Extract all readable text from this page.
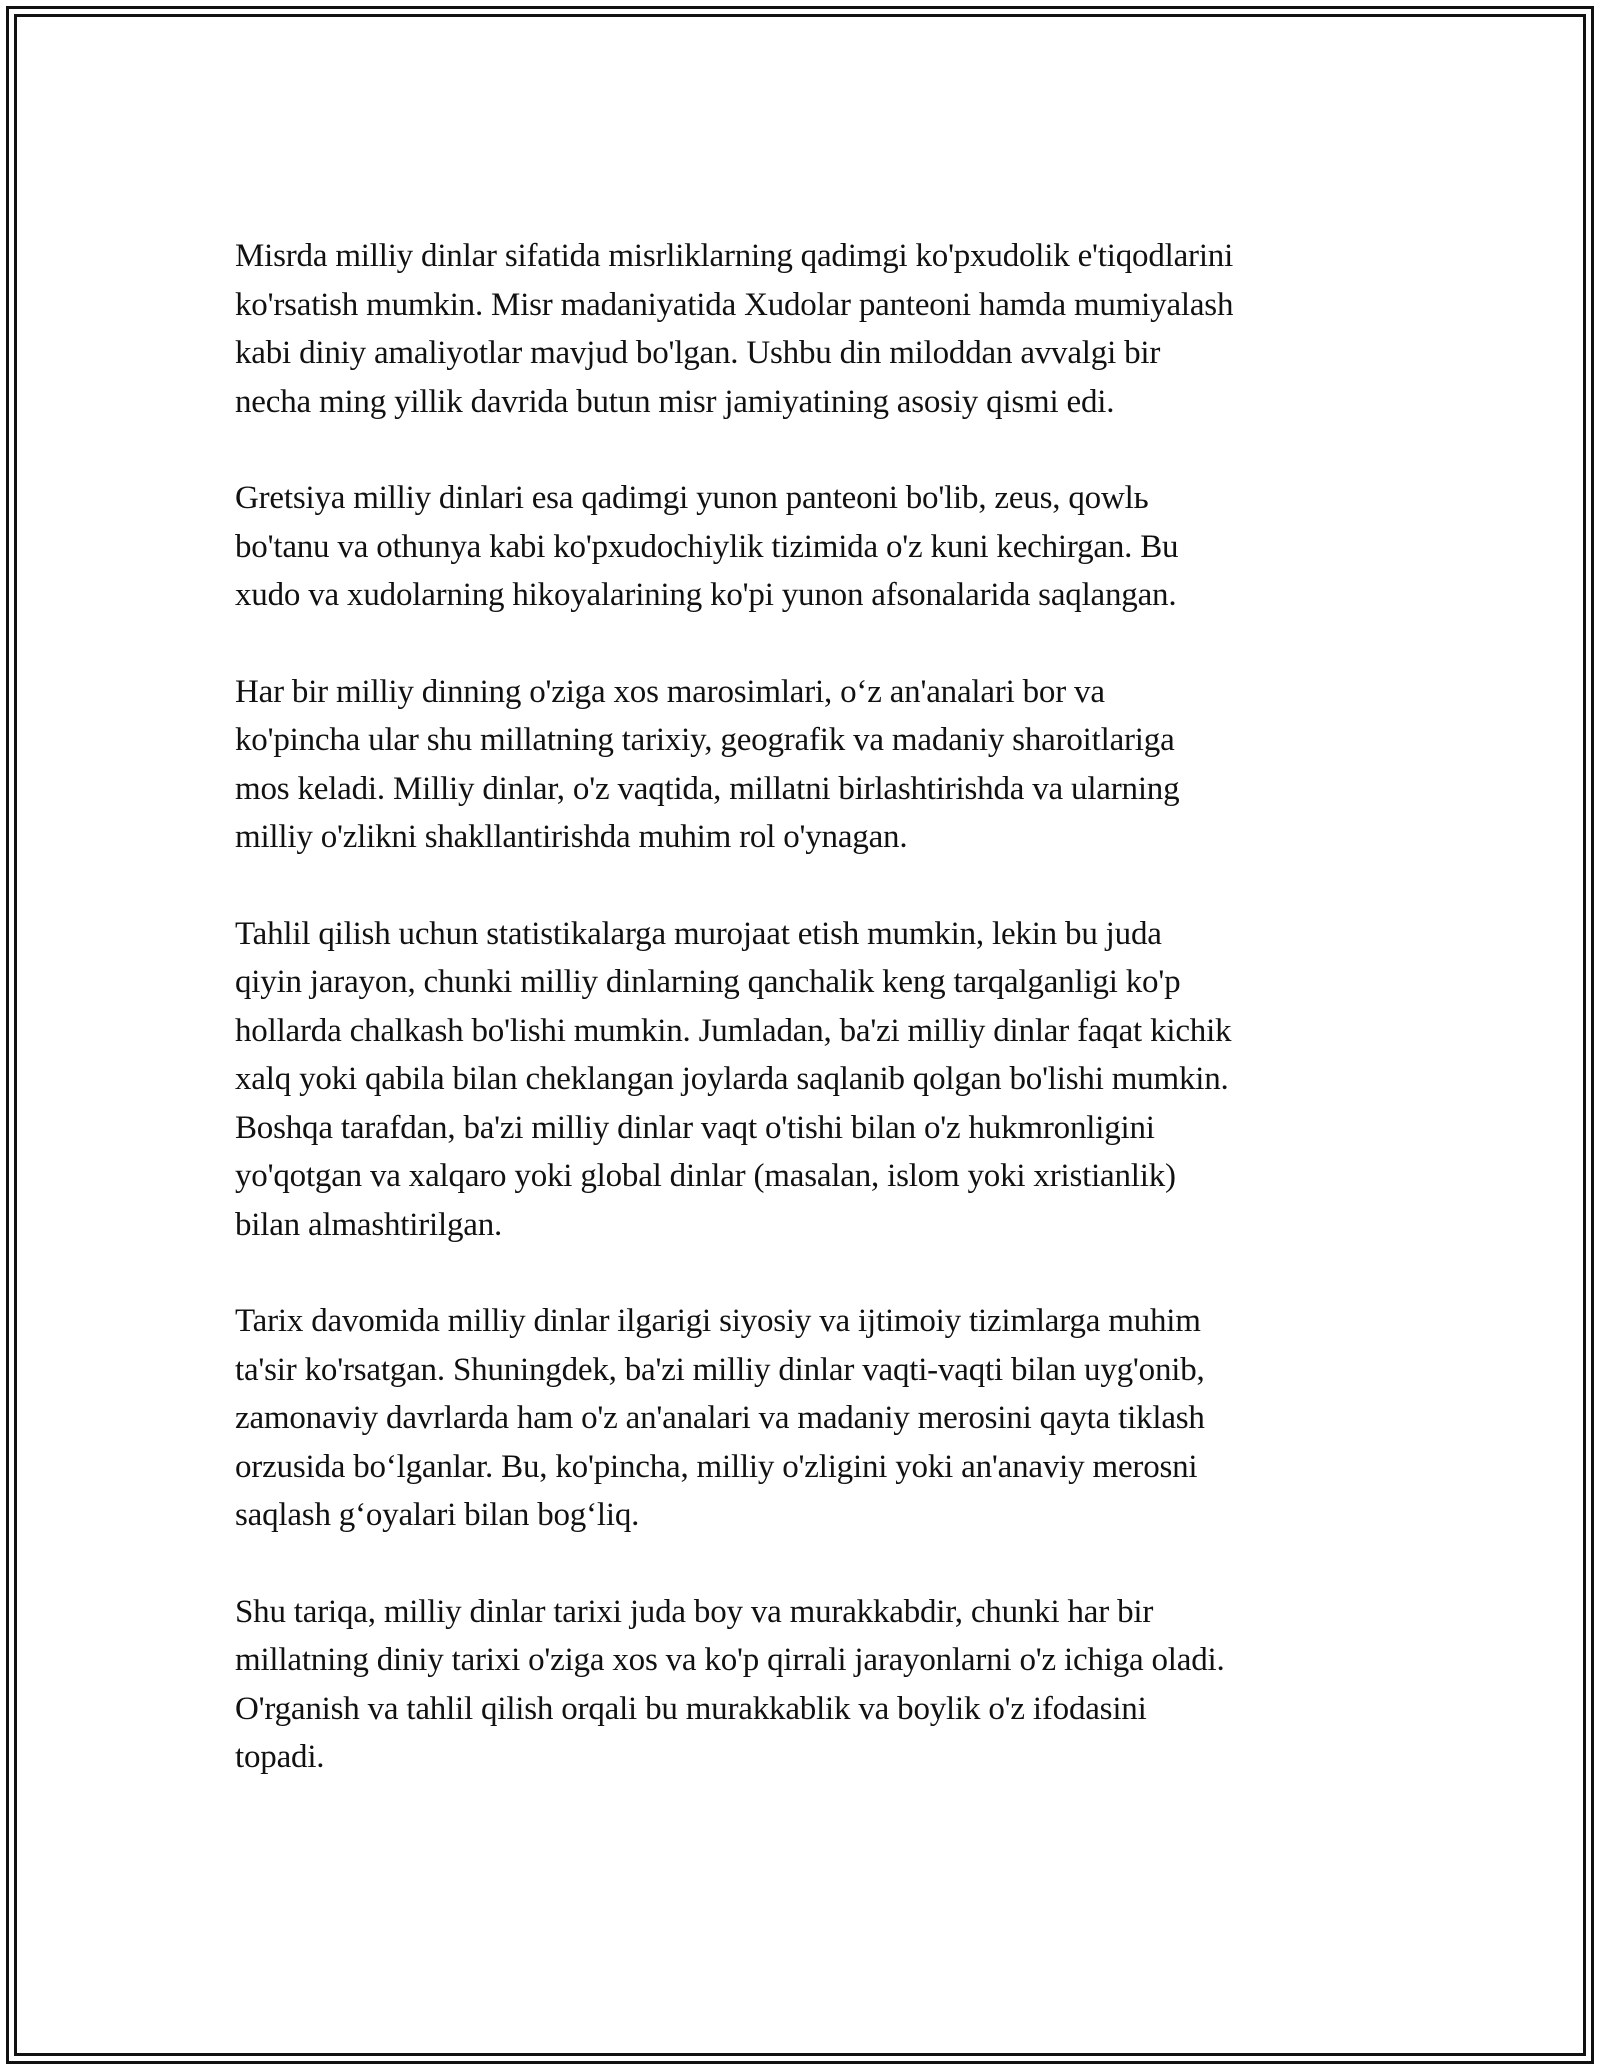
Misrda milliy dinlar sifatida misrliklarning qadimgi ko'pxudolik e'tiqodlarini
ko'rsatish mumkin. Misr madaniyatida Xudolar panteoni hamda mumiyalash
kabi diniy amaliyotlar mavjud bo'lgan. Ushbu din miloddan avvalgi bir
necha ming yillik davrida butun misr jamiyatining asosiy qismi edi.

Gretsiya milliy dinlari esa qadimgi yunon panteoni bo'lib, zeus, qowlь
bo'tanu va othunya kabi ko'pxudochiylik tizimida o'z kuni kechirgan. Bu
xudo va xudolarning hikoyalarining ko'pi yunon afsonalarida saqlangan.

Har bir milliy dinning o'ziga xos marosimlari, o‘z an'analari bor va
ko'pincha ular shu millatning tarixiy, geografik va madaniy sharoitlariga
mos keladi. Milliy dinlar, o'z vaqtida, millatni birlashtirishda va ularning
milliy o'zlikni shakllantirishda muhim rol o'ynagan.

Tahlil qilish uchun statistikalarga murojaat etish mumkin, lekin bu juda
qiyin jarayon, chunki milliy dinlarning qanchalik keng tarqalganligi ko'p
hollarda chalkash bo'lishi mumkin. Jumladan, ba'zi milliy dinlar faqat kichik
xalq yoki qabila bilan cheklangan joylarda saqlanib qolgan bo'lishi mumkin.
Boshqa tarafdan, ba'zi milliy dinlar vaqt o'tishi bilan o'z hukmronligini
yo'qotgan va xalqaro yoki global dinlar (masalan, islom yoki xristianlik)
bilan almashtirilgan.

Tarix davomida milliy dinlar ilgarigi siyosiy va ijtimoiy tizimlarga muhim
ta'sir ko'rsatgan. Shuningdek, ba'zi milliy dinlar vaqti-vaqti bilan uyg'onib,
zamonaviy davrlarda ham o'z an'analari va madaniy merosini qayta tiklash
orzusida bo‘lganlar. Bu, ko'pincha, milliy o'zligini yoki an'anaviy merosni
saqlash g‘oyalari bilan bog‘liq.

Shu tariqa, milliy dinlar tarixi juda boy va murakkabdir, chunki har bir
millatning diniy tarixi o'ziga xos va ko'p qirrali jarayonlarni o'z ichiga oladi.
O'rganish va tahlil qilish orqali bu murakkablik va boylik o'z ifodasini
topadi.
